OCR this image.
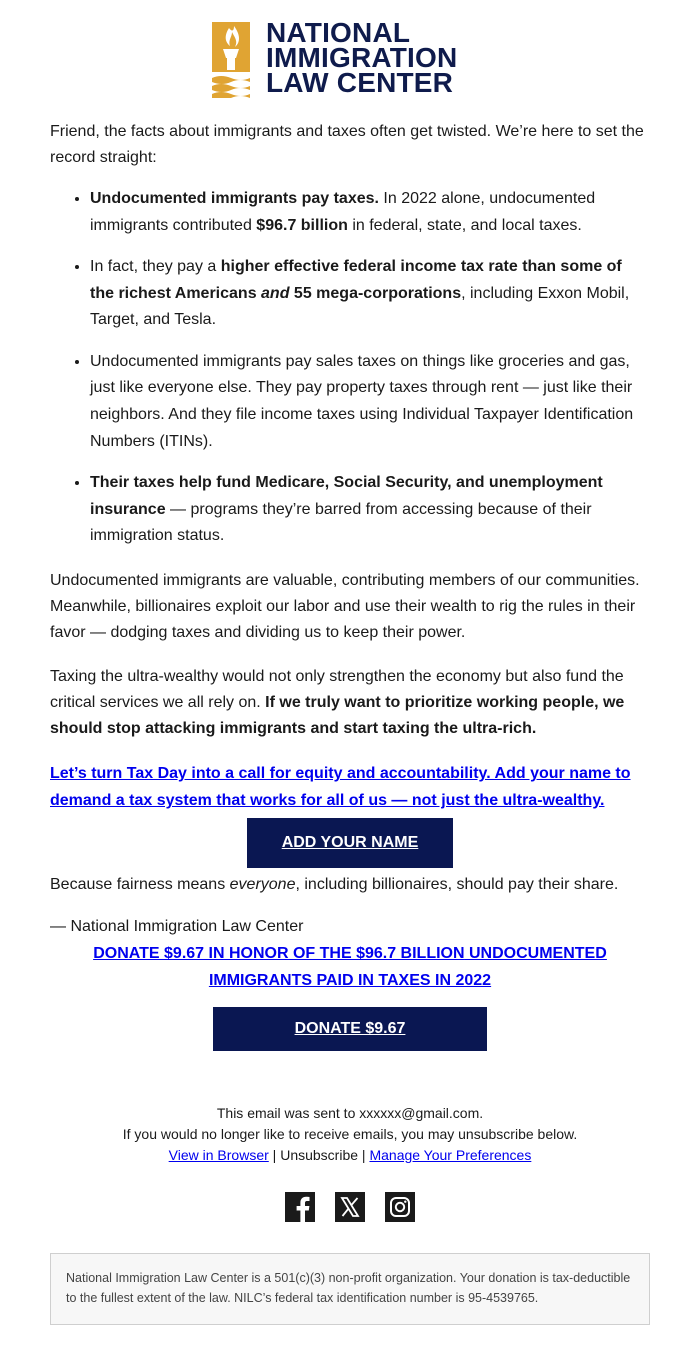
NATIONAL
IMMIGRATION
LAW CENTER

Friend, the facts about immigrants and taxes often get twisted. We’re here to set the record straight:

• Undocumented immigrants pay taxes. In 2022 alone, undocumented immigrants contributed $96.7 billion in federal, state, and local taxes.
• In fact, they pay a higher effective federal income tax rate than some of the richest Americans and 55 mega-corporations, including Exxon Mobil, Target, and Tesla.
• Undocumented immigrants pay sales taxes on things like groceries and gas, just like everyone else. They pay property taxes through rent — just like their neighbors. And they file income taxes using Individual Taxpayer Identification Numbers (ITINs).
• Their taxes help fund Medicare, Social Security, and unemployment insurance — programs they’re barred from accessing because of their immigration status.

Undocumented immigrants are valuable, contributing members of our communities. Meanwhile, billionaires exploit our labor and use their wealth to rig the rules in their favor — dodging taxes and dividing us to keep their power.

Taxing the ultra-wealthy would not only strengthen the economy but also fund the critical services we all rely on. If we truly want to prioritize working people, we should stop attacking immigrants and start taxing the ultra-rich.

Let’s turn Tax Day into a call for equity and accountability. Add your name to demand a tax system that works for all of us — not just the ultra-wealthy.
ADD YOUR NAME

Because fairness means everyone, including billionaires, should pay their share.

— National Immigration Law Center

DONATE $9.67 IN HONOR OF THE $96.7 BILLION UNDOCUMENTED IMMIGRANTS PAID IN TAXES IN 2022
DONATE $9.67
This email was sent to xxxxxx@gmail.com.
If you would no longer like to receive emails, you may unsubscribe below.
View in Browser | Unsubscribe | Manage Your Preferences
National Immigration Law Center is a 501(c)(3) non-profit organization. Your donation is tax-deductible to the fullest extent of the law. NILC’s federal tax identification number is 95-4539765.
